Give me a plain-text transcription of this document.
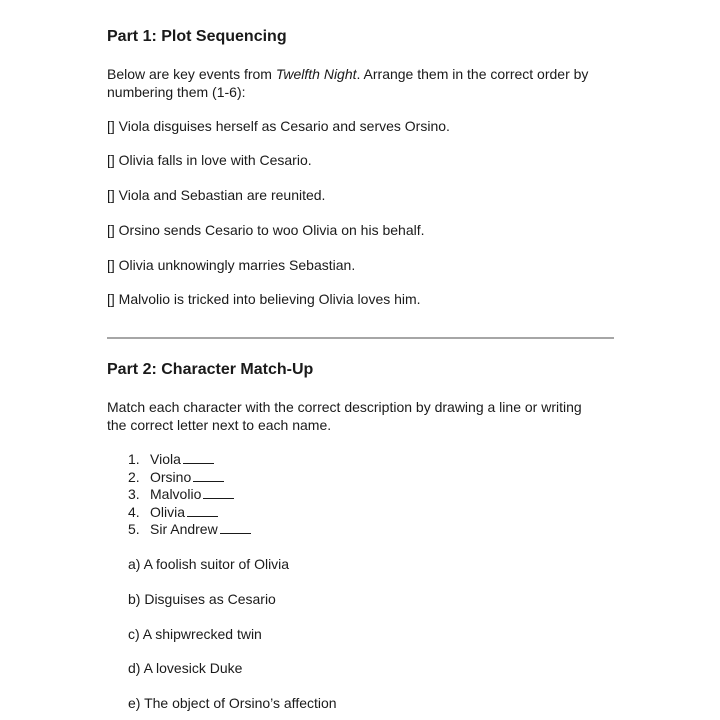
Part 1: Plot Sequencing
Below are key events from Twelfth Night. Arrange them in the correct order by
numbering them (1-6):
[] Viola disguises herself as Cesario and serves Orsino.
[] Olivia falls in love with Cesario.
[] Viola and Sebastian are reunited.
[] Orsino sends Cesario to woo Olivia on his behalf.
[] Olivia unknowingly marries Sebastian.
[] Malvolio is tricked into believing Olivia loves him.
Part 2: Character Match-Up
Match each character with the correct description by drawing a line or writing
the correct letter next to each name.
1. Viola
2. Orsino
3. Malvolio
4. Olivia
5. Sir Andrew
a) A foolish suitor of Olivia
b) Disguises as Cesario
c) A shipwrecked twin
d) A lovesick Duke
e) The object of Orsino’s affection
